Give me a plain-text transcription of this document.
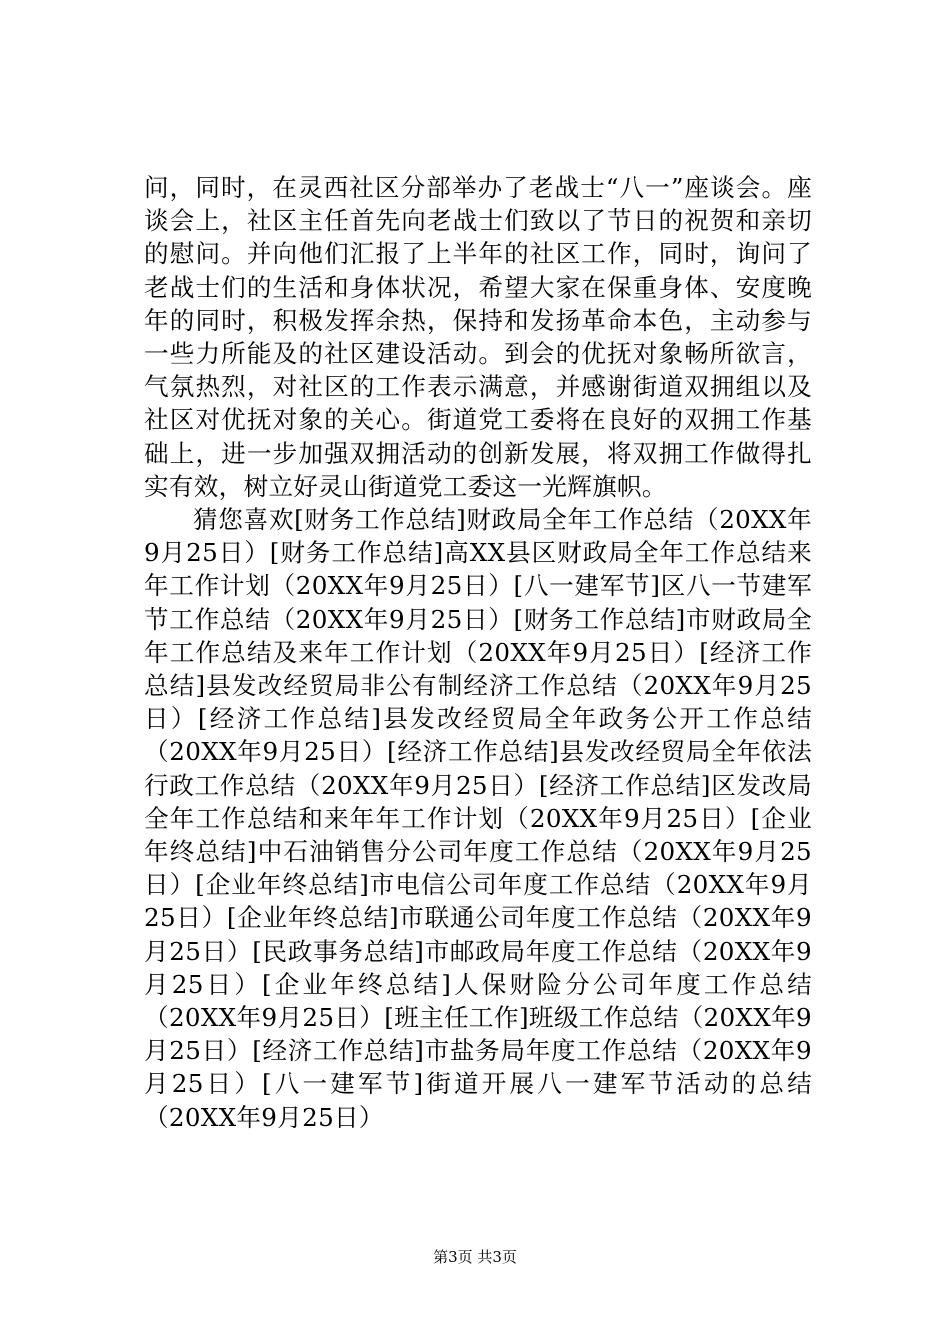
问，同时，在灵西社区分部举办了老战士“八一”座谈会。座谈会上，社区主任首先向老战士们致以了节日的祝贺和亲切的慰问。并向他们汇报了上半年的社区工作，同时，询问了老战士们的生活和身体状况，希望大家在保重身体、安度晚年的同时，积极发挥余热，保持和发扬革命本色，主动参与一些力所能及的社区建设活动。到会的优抚对象畅所欲言，气氛热烈，对社区的工作表示满意，并感谢街道双拥组以及社区对优抚对象的关心。街道党工委将在良好的双拥工作基础上，进一步加强双拥活动的创新发展，将双拥工作做得扎实有效，树立好灵山街道党工委这一光辉旗帜。

猜您喜欢[财务工作总结]财政局全年工作总结（20XX年9月25日）[财务工作总结]高XX县区财政局全年工作总结来年工作计划（20XX年9月25日）[八一建军节]区八一节建军节工作总结（20XX年9月25日）[财务工作总结]市财政局全年工作总结及来年工作计划（20XX年9月25日）[经济工作总结]县发改经贸局非公有制经济工作总结（20XX年9月25日）[经济工作总结]县发改经贸局全年政务公开工作总结（20XX年9月25日）[经济工作总结]县发改经贸局全年依法行政工作总结（20XX年9月25日）[经济工作总结]区发改局全年工作总结和来年年工作计划（20XX年9月25日）[企业年终总结]中石油销售分公司年度工作总结（20XX年9月25日）[企业年终总结]市电信公司年度工作总结（20XX年9月25日）[企业年终总结]市联通公司年度工作总结（20XX年9月25日）[民政事务总结]市邮政局年度工作总结（20XX年9月25日）[企业年终总结]人保财险分公司年度工作总结（20XX年9月25日）[班主任工作]班级工作总结（20XX年9月25日）[经济工作总结]市盐务局年度工作总结（20XX年9月25日）[八一建军节]街道开展八一建军节活动的总结（20XX年9月25日）

第3页 共3页
